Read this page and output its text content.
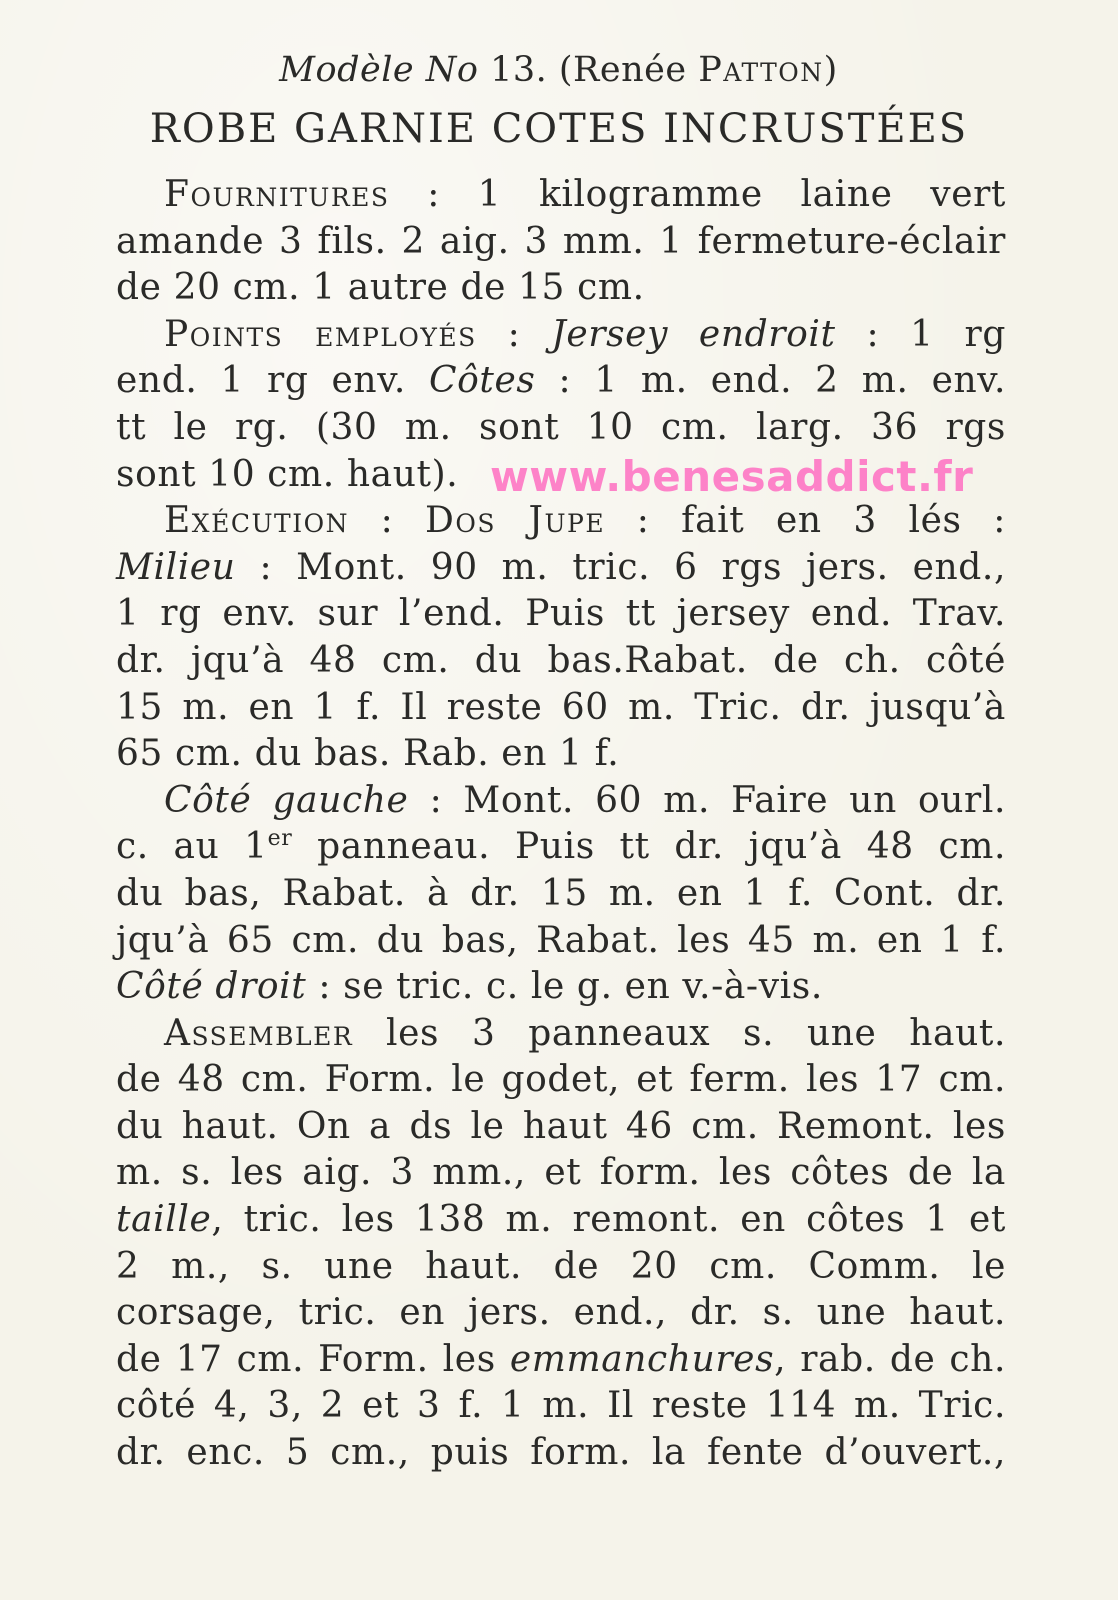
Modèle No 13. (Renée Patton)
ROBE GARNIE COTES INCRUSTÉES
Fournitures : 1 kilogramme laine vert
amande 3 fils. 2 aig. 3 mm. 1 fermeture-éclair
de 20 cm. 1 autre de 15 cm.
Points employés : Jersey endroit : 1 rg
end. 1 rg env. Côtes : 1 m. end. 2 m. env.
tt le rg. (30 m. sont 10 cm. larg. 36 rgs
sont 10 cm. haut).
Exécution : Dos Jupe : fait en 3 lés :
Milieu : Mont. 90 m. tric. 6 rgs jers. end.,
1 rg env. sur l’end. Puis tt jersey end. Trav.
dr. jqu’à 48 cm. du bas.Rabat. de ch. côté
15 m. en 1 f. Il reste 60 m. Tric. dr. jusqu’à
65 cm. du bas. Rab. en 1 f.
Côté gauche : Mont. 60 m. Faire un ourl.
c. au 1er panneau. Puis tt dr. jqu’à 48 cm.
du bas, Rabat. à dr. 15 m. en 1 f. Cont. dr.
jqu’à 65 cm. du bas, Rabat. les 45 m. en 1 f.
Côté droit : se tric. c. le g. en v.-à-vis.
Assembler les 3 panneaux s. une haut.
de 48 cm. Form. le godet, et ferm. les 17 cm.
du haut. On a ds le haut 46 cm. Remont. les
m. s. les aig. 3 mm., et form. les côtes de la
taille, tric. les 138 m. remont. en côtes 1 et
2 m., s. une haut. de 20 cm. Comm. le
corsage, tric. en jers. end., dr. s. une haut.
de 17 cm. Form. les emmanchures, rab. de ch.
côté 4, 3, 2 et 3 f. 1 m. Il reste 114 m. Tric.
dr. enc. 5 cm., puis form. la fente d’ouvert.,
www.benesaddict.fr
